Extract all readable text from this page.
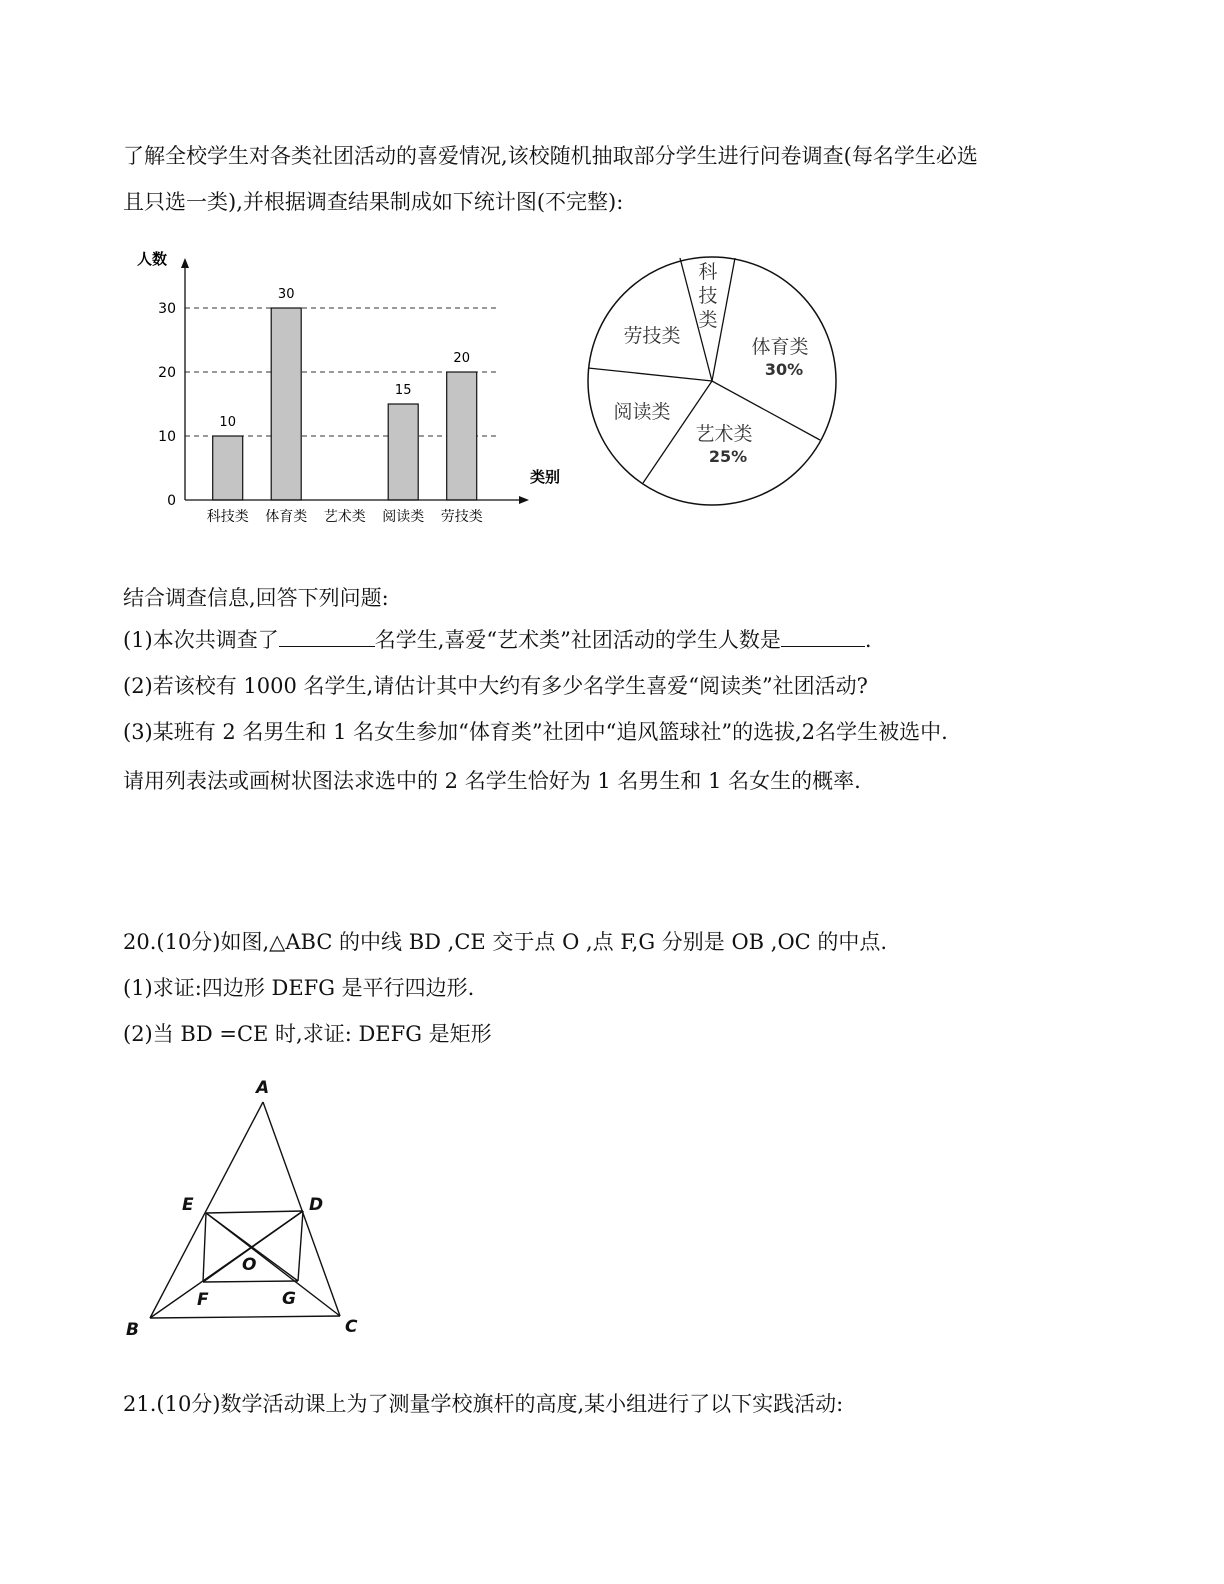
了解全校学生对各类社团活动的喜爱情况,该校随机抽取部分学生进行问卷调查(每名学生必选
且只选一类),并根据调查结果制成如下统计图(不完整):
人数
类别
0
10
20
30
科技类 体育类 艺术类 阅读类 劳技类
10
30
15
20
科
技
类
体育类
30%
艺术类
25%
阅读类
劳技类
结合调查信息,回答下列问题:
(1)本次共调查了	名学生,喜爱“艺术类”社团活动的学生人数是	.
(2)若该校有 1000 名学生,请估计其中大约有多少名学生喜爱“阅读类”社团活动?
(3)某班有 2 名男生和 1 名女生参加“体育类”社团中“追风篮球社”的选拔,2名学生被选中.
请用列表法或画树状图法求选中的 2 名学生恰好为 1 名男生和 1 名女生的概率.
20.(10分)如图,△ABC 的中线 BD ,CE 交于点 O ,点 F,G 分别是 OB ,OC 的中点.
(1)求证:四边形 DEFG 是平行四边形.
(2)当 BD =CE 时,求证: DEFG 是矩形
A
E	D
O
F	G
B	C
21.(10分)数学活动课上为了测量学校旗杆的高度,某小组进行了以下实践活动:
